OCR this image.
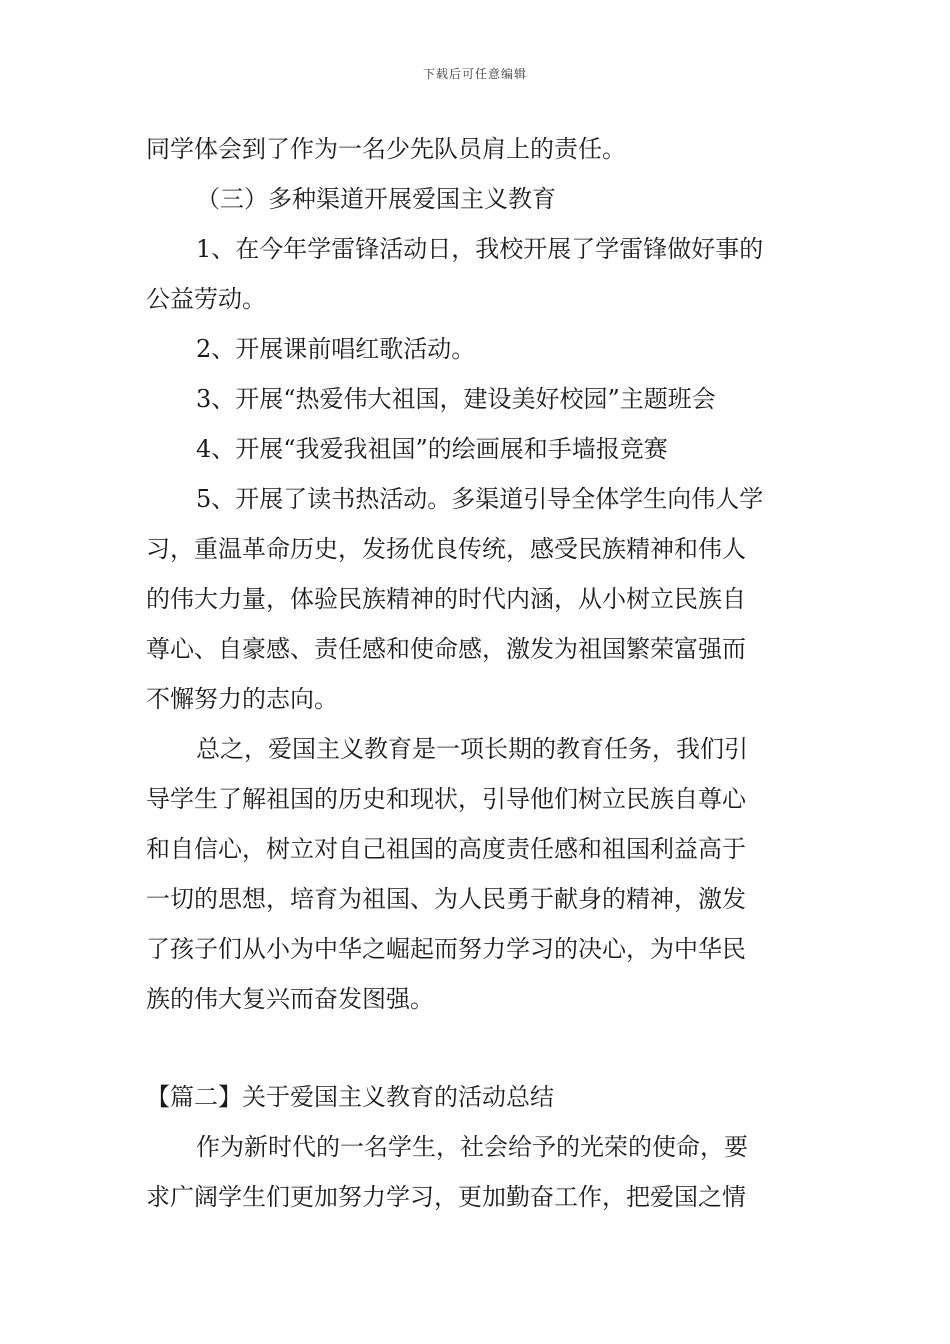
下载后可任意编辑
同学体会到了作为一名少先队员肩上的责任。
（三）多种渠道开展爱国主义教育
1、在今年学雷锋活动日，我校开展了学雷锋做好事的
公益劳动。
2、开展课前唱红歌活动。
3、开展“热爱伟大祖国，建设美好校园”主题班会
4、开展“我爱我祖国”的绘画展和手墙报竞赛
5、开展了读书热活动。多渠道引导全体学生向伟人学
习，重温革命历史，发扬优良传统，感受民族精神和伟人
的伟大力量，体验民族精神的时代内涵，从小树立民族自
尊心、自豪感、责任感和使命感，激发为祖国繁荣富强而
不懈努力的志向。
总之，爱国主义教育是一项长期的教育任务，我们引
导学生了解祖国的历史和现状，引导他们树立民族自尊心
和自信心，树立对自己祖国的高度责任感和祖国利益高于
一切的思想，培育为祖国、为人民勇于献身的精神，激发
了孩子们从小为中华之崛起而努力学习的决心，为中华民
族的伟大复兴而奋发图强。
【篇二】关于爱国主义教育的活动总结
作为新时代的一名学生，社会给予的光荣的使命，要
求广阔学生们更加努力学习，更加勤奋工作，把爱国之情
